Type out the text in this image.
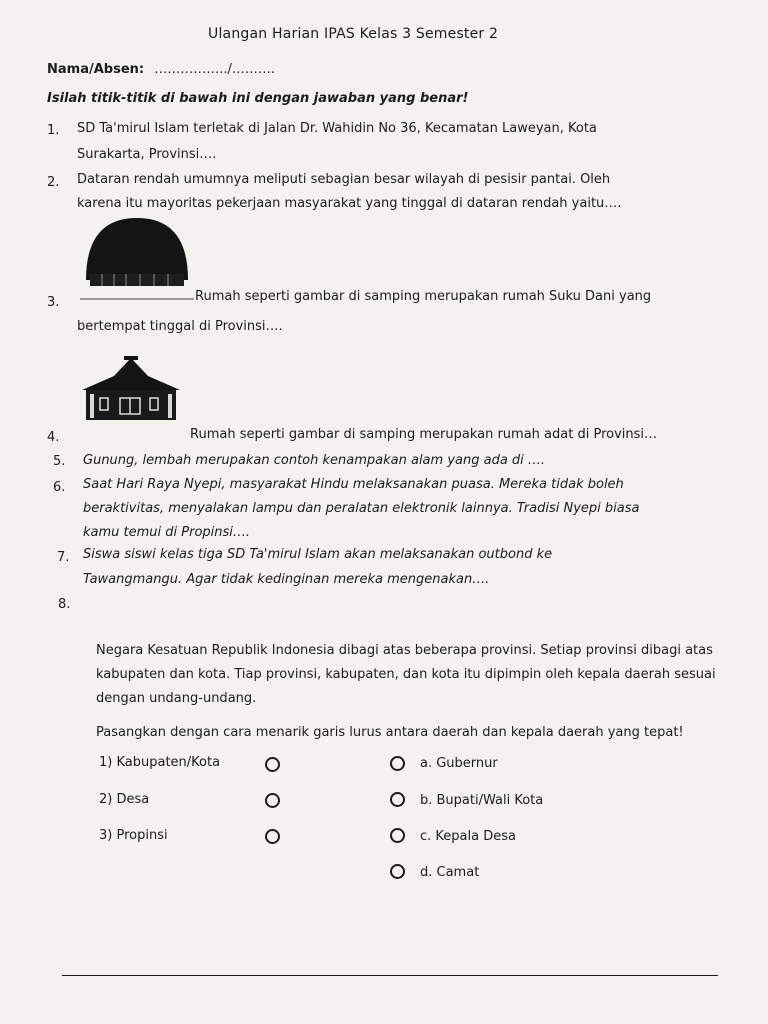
Ulangan Harian IPAS Kelas 3 Semester 2
Nama/Absen: ……………../……….
Isilah titik-titik di bawah ini dengan jawaban yang benar!
1. SD Ta'mirul Islam terletak di Jalan Dr. Wahidin No 36, Kecamatan Laweyan, Kota
Surakarta, Provinsi….
2. Dataran rendah umumnya meliputi sebagian besar wilayah di pesisir pantai. Oleh
karena itu mayoritas pekerjaan masyarakat yang tinggal di dataran rendah yaitu….
3.	Rumah seperti gambar di samping merupakan rumah Suku Dani yang
bertempat tinggal di Provinsi….
4.	Rumah seperti gambar di samping merupakan rumah adat di Provinsi…
5. Gunung, lembah merupakan contoh kenampakan alam yang ada di ….
6. Saat Hari Raya Nyepi, masyarakat Hindu melaksanakan puasa. Mereka tidak boleh
beraktivitas, menyalakan lampu dan peralatan elektronik lainnya. Tradisi Nyepi biasa
kamu temui di Propinsi….
7. Siswa siswi kelas tiga SD Ta'mirul Islam akan melaksanakan outbond ke
Tawangmangu. Agar tidak kedinginan mereka mengenakan….
8.
Negara Kesatuan Republik Indonesia dibagi atas beberapa provinsi. Setiap provinsi dibagi atas kabupaten dan kota. Tiap provinsi, kabupaten, dan kota itu dipimpin oleh kepala daerah sesuai dengan undang-undang.
Pasangkan dengan cara menarik garis lurus antara daerah dan kepala daerah yang tepat!
1) Kabupaten/Kota
2) Desa
3) Propinsi
a. Gubernur
b. Bupati/Wali Kota
c. Kepala Desa
d. Camat
